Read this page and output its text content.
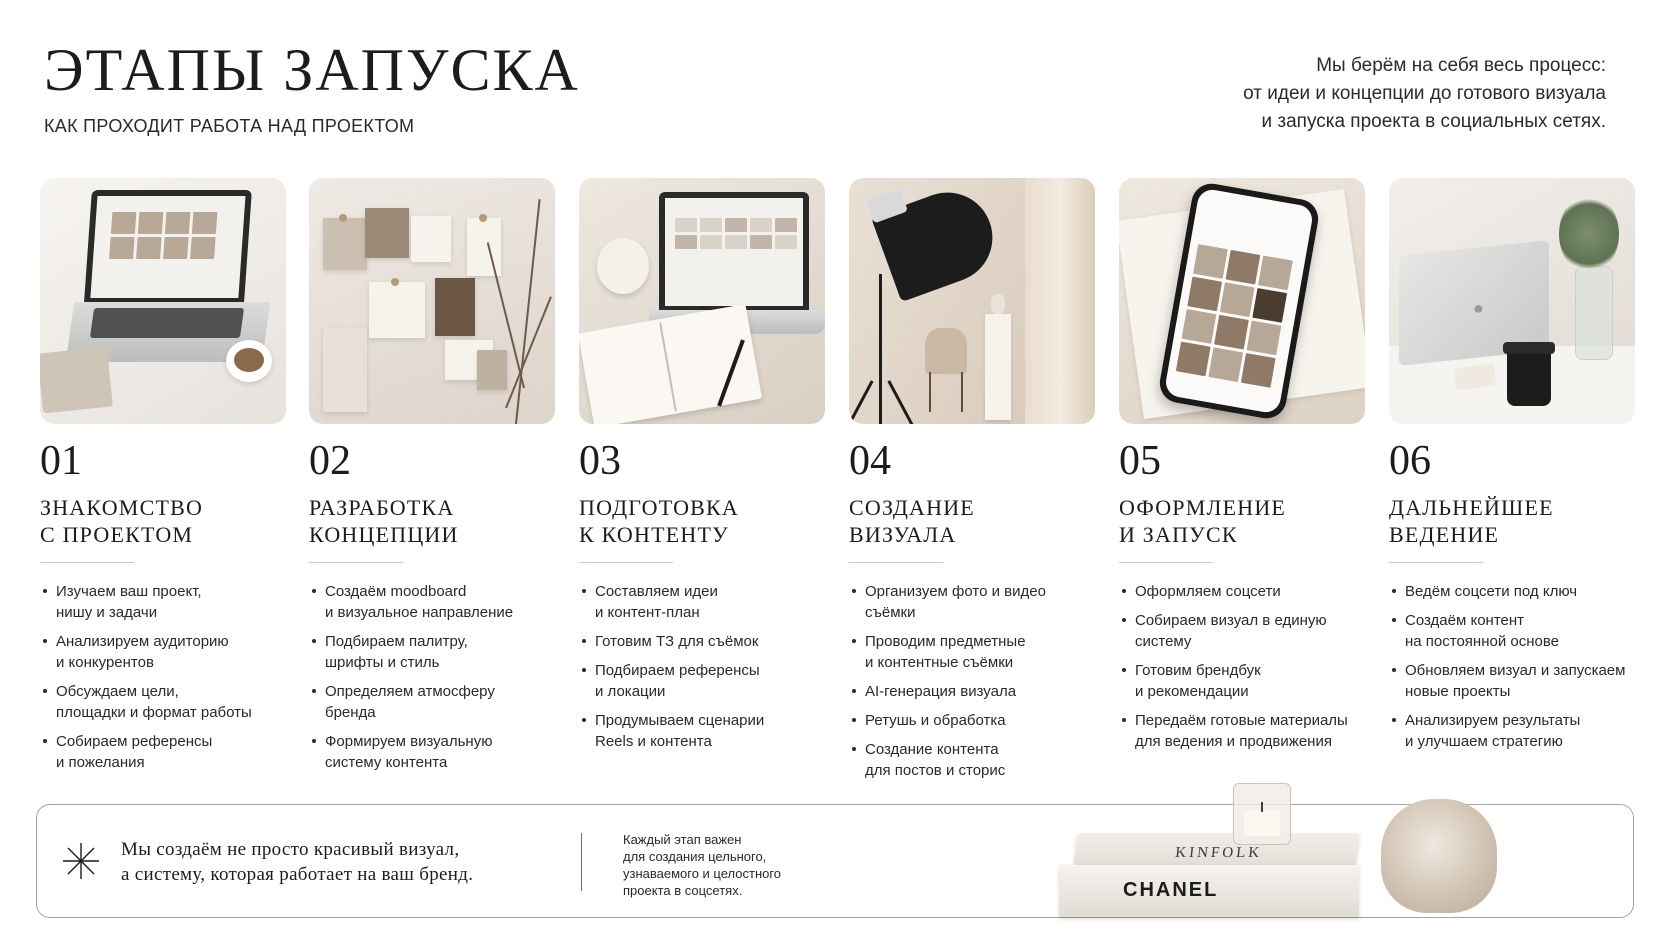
ЭТАПЫ ЗАПУСКА
КАК ПРОХОДИТ РАБОТА НАД ПРОЕКТОМ
Мы берём на себя весь процесс:
от идеи и концепции до готового визуала
и запуска проекта в социальных сетях.
01
ЗНАКОМСТВО
С ПРОЕКТОМ
Изучаем ваш проект,
нишу и задачи
Анализируем аудиторию
и конкурентов
Обсуждаем цели,
площадки и формат работы
Собираем референсы
и пожелания
02
РАЗРАБОТКА
КОНЦЕПЦИИ
Создаём moodboard
и визуальное направление
Подбираем палитру,
шрифты и стиль
Определяем атмосферу
бренда
Формируем визуальную
систему контента
03
ПОДГОТОВКА
К КОНТЕНТУ
Составляем идеи
и контент-план
Готовим ТЗ для съёмок
Подбираем референсы
и локации
Продумываем сценарии
Reels и контента
04
СОЗДАНИЕ
ВИЗУАЛА
Организуем фото и видео
съёмки
Проводим предметные
и контентные съёмки
AI-генерация визуала
Ретушь и обработка
Создание контента
для постов и сторис
05
ОФОРМЛЕНИЕ
И ЗАПУСК
Оформляем соцсети
Собираем визуал в единую
систему
Готовим брендбук
и рекомендации
Передаём готовые материалы
для ведения и продвижения
●
06
ДАЛЬНЕЙШЕЕ
ВЕДЕНИЕ
Ведём соцсети под ключ
Создаём контент
на постоянной основе
Обновляем визуал и запускаем
новые проекты
Анализируем результаты
и улучшаем стратегию
Мы создаём не просто красивый визуал,
а систему, которая работает на ваш бренд.
Каждый этап важен
для создания цельного,
узнаваемого и целостного
проекта в соцсетях.
KINFOLK
CHANEL
